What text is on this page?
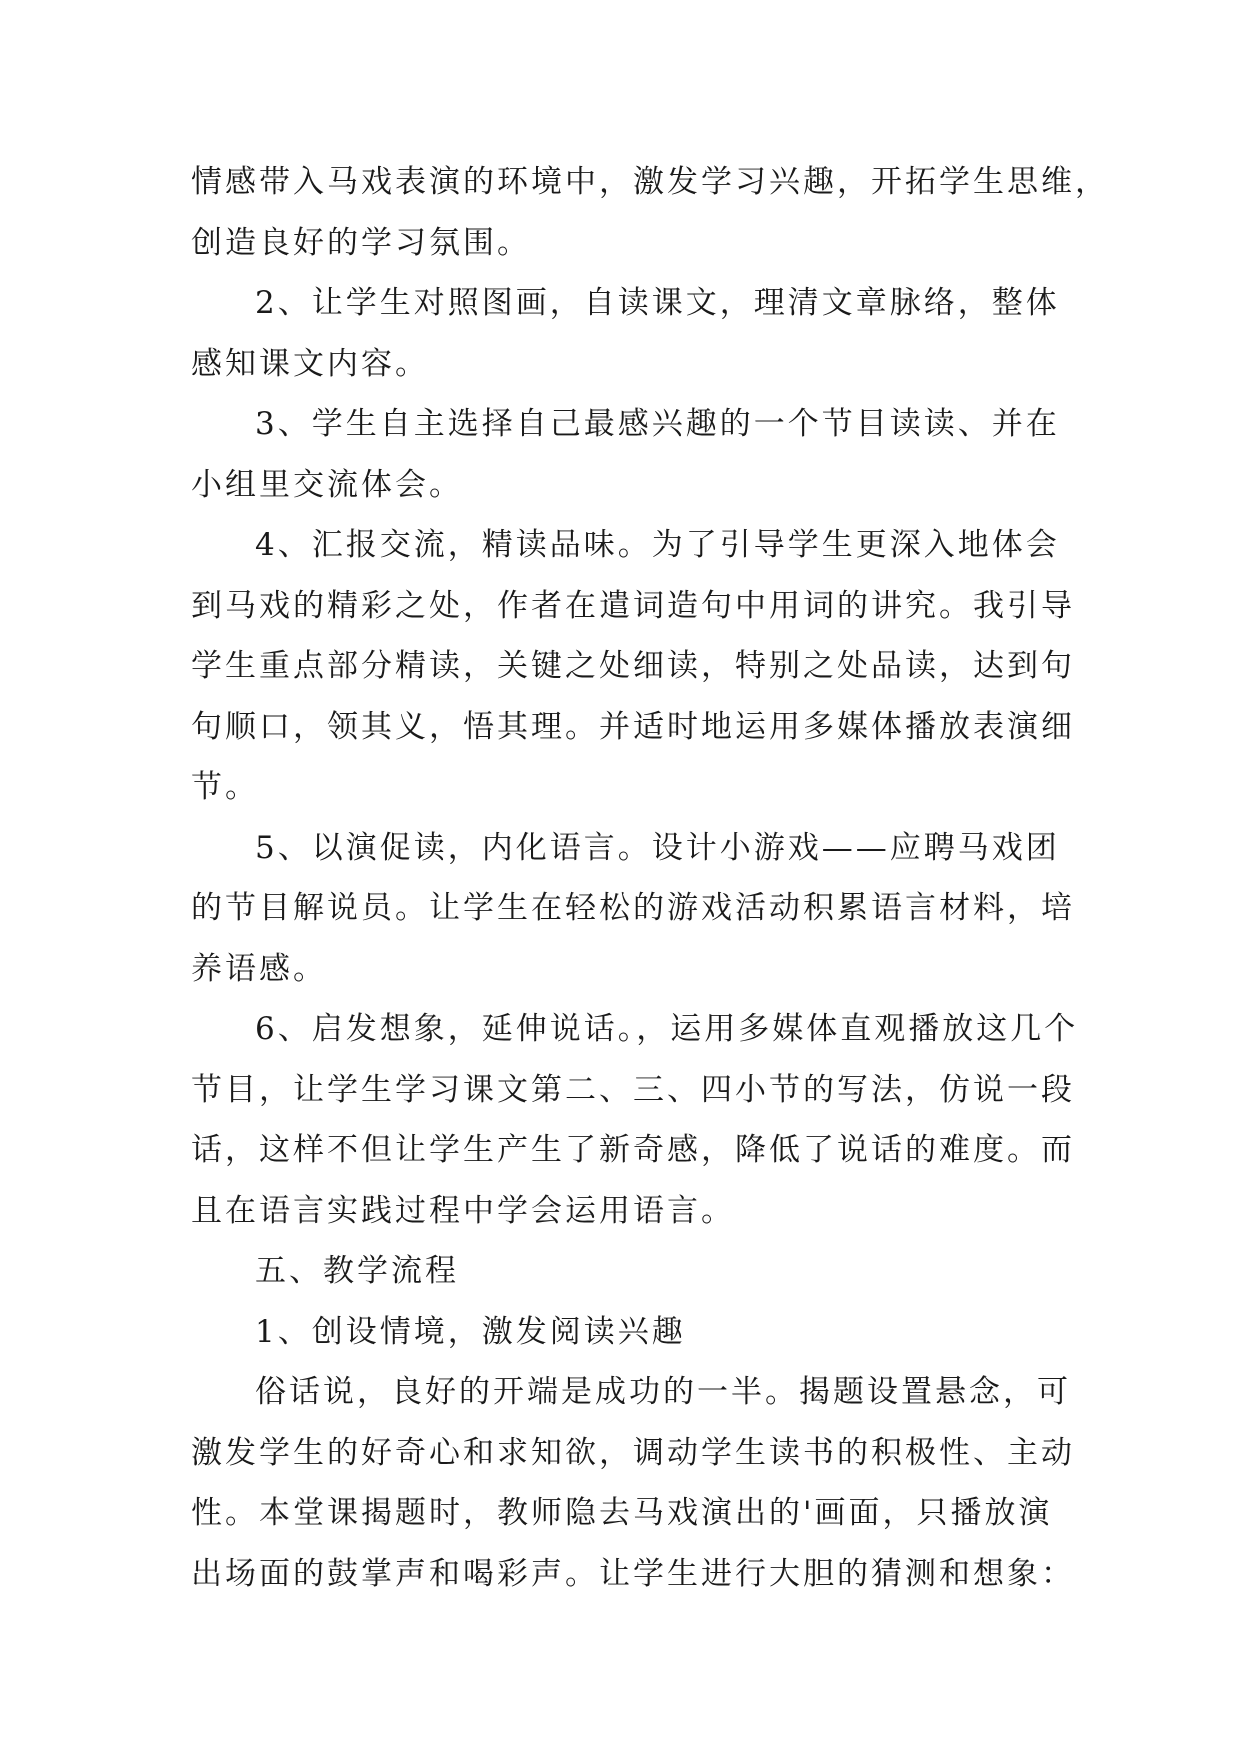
情感带入马戏表演的环境中，激发学习兴趣，开拓学生思维，
创造良好的学习氛围。
2、让学生对照图画，自读课文，理清文章脉络，整体
感知课文内容。
3、学生自主选择自己最感兴趣的一个节目读读、并在
小组里交流体会。
4、汇报交流，精读品味。为了引导学生更深入地体会
到马戏的精彩之处，作者在遣词造句中用词的讲究。我引导
学生重点部分精读，关键之处细读，特别之处品读，达到句
句顺口，领其义，悟其理。并适时地运用多媒体播放表演细
节。
5、以演促读，内化语言。设计小游戏——应聘马戏团
的节目解说员。让学生在轻松的游戏活动积累语言材料，培
养语感。
6、启发想象，延伸说话。，运用多媒体直观播放这几个
节目，让学生学习课文第二、三、四小节的写法，仿说一段
话，这样不但让学生产生了新奇感，降低了说话的难度。而
且在语言实践过程中学会运用语言。
五、教学流程
1、创设情境，激发阅读兴趣
俗话说，良好的开端是成功的一半。揭题设置悬念，可
激发学生的好奇心和求知欲，调动学生读书的积极性、主动
性。本堂课揭题时，教师隐去马戏演出的'画面，只播放演
出场面的鼓掌声和喝彩声。让学生进行大胆的猜测和想象：
